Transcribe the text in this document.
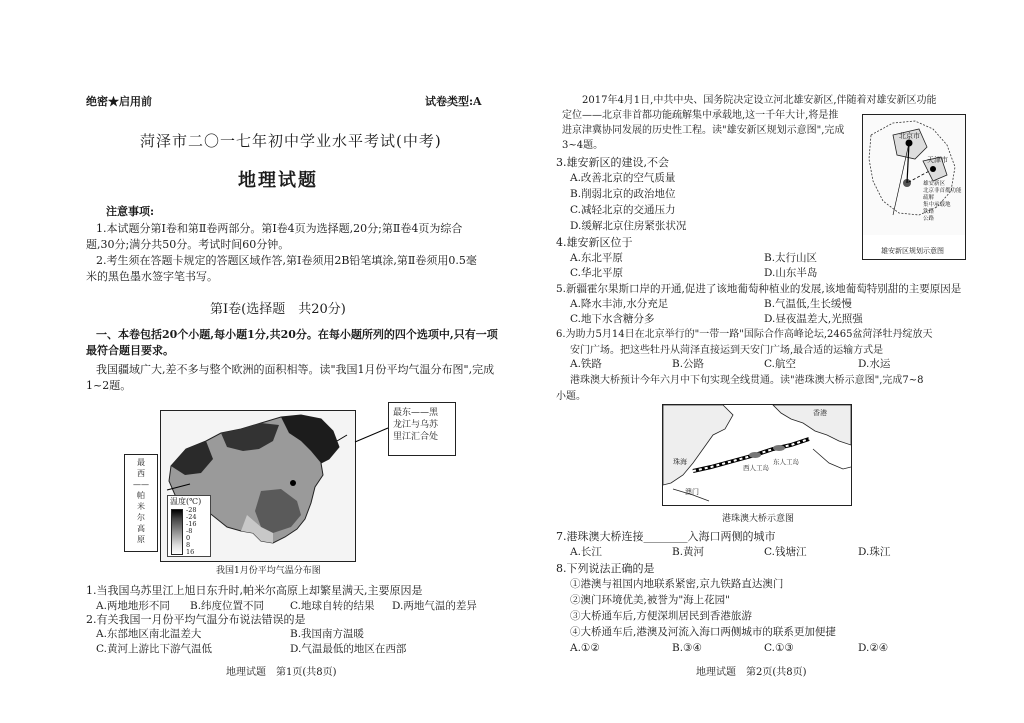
绝密★启用前	试卷类型:A
菏泽市二〇一七年初中学业水平考试(中考)
地理试题
注意事项:
1.本试题分第Ⅰ卷和第Ⅱ卷两部分。第Ⅰ卷4页为选择题,20分;第Ⅱ卷4页为综合
题,30分;满分共50分。考试时间60分钟。
2.考生须在答题卡规定的答题区域作答,第Ⅰ卷须用2B铅笔填涂,第Ⅱ卷须用0.5毫
米的黑色墨水签字笔书写。
第Ⅰ卷(选择题　共20分)
一、本卷包括20个小题,每小题1分,共20分。在每小题所列的四个选项中,只有一项
最符合题目要求。
我国疆域广大,差不多与整个欧洲的面积相等。读"我国1月份平均气温分布图",完成
1~2题。
温度(℃)
-28
-24
-16
-8
0
8
16
最东——黑
龙江与乌苏
里江汇合处
最
西
——
帕
米
尔
高
原
我国1月份平均气温分布图
1.当我国乌苏里江上旭日东升时,帕米尔高原上却繁星满天,主要原因是
A.两地地形不同 B.纬度位置不同 C.地球自转的结果 D.两地气温的差异
2.有关我国一月份平均气温分布说法错误的是
A.东部地区南北温差大	B.我国南方温暖
C.黄河上游比下游气温低	D.气温最低的地区在西部
地理试题　第1页(共8页)
2017年4月1日,中共中央、国务院决定设立河北雄安新区,伴随着对雄安新区功能
定位——北京非首都功能疏解集中承载地,这一千年大计,将是推
进京津冀协同发展的历史性工程。读"雄安新区规划示意图",完成
3~4题。
北京市
天津市
雄安新区
北京非首都功能疏解
集中承载地
铁路
公路
雄安新区规划示意图
3.雄安新区的建设,不会
A.改善北京的空气质量
B.削弱北京的政治地位
C.减轻北京的交通压力
D.缓解北京住房紧张状况
4.雄安新区位于
A.东北平原	B.太行山区
C.华北平原	D.山东半岛
5.新疆霍尔果斯口岸的开通,促进了该地葡萄种植业的发展,该地葡萄特别甜的主要原因是
A.降水丰沛,水分充足	B.气温低,生长缓慢
C.地下水含糖分多	D.昼夜温差大,光照强
6.为助力5月14日在北京举行的"一带一路"国际合作高峰论坛,2465盆菏泽牡丹绽放天
安门广场。把这些牡丹从菏泽直接运到天安门广场,最合适的运输方式是
A.铁路	B.公路	C.航空	D.水运
港珠澳大桥预计今年六月中下旬实现全线贯通。读"港珠澳大桥示意图",完成7~8
小题。
香港
珠海
澳门
东人工岛
西人工岛
港珠澳大桥示意图
7.港珠澳大桥连接________入海口两侧的城市
A.长江	B.黄河	C.钱塘江	D.珠江
8.下列说法正确的是
①港澳与祖国内地联系紧密,京九铁路直达澳门
②澳门环境优美,被誉为"海上花园"
③大桥通车后,方便深圳居民到香港旅游
④大桥通车后,港澳及河流入海口两侧城市的联系更加便捷
A.①②	B.③④	C.①③	D.②④
地理试题　第2页(共8页)
